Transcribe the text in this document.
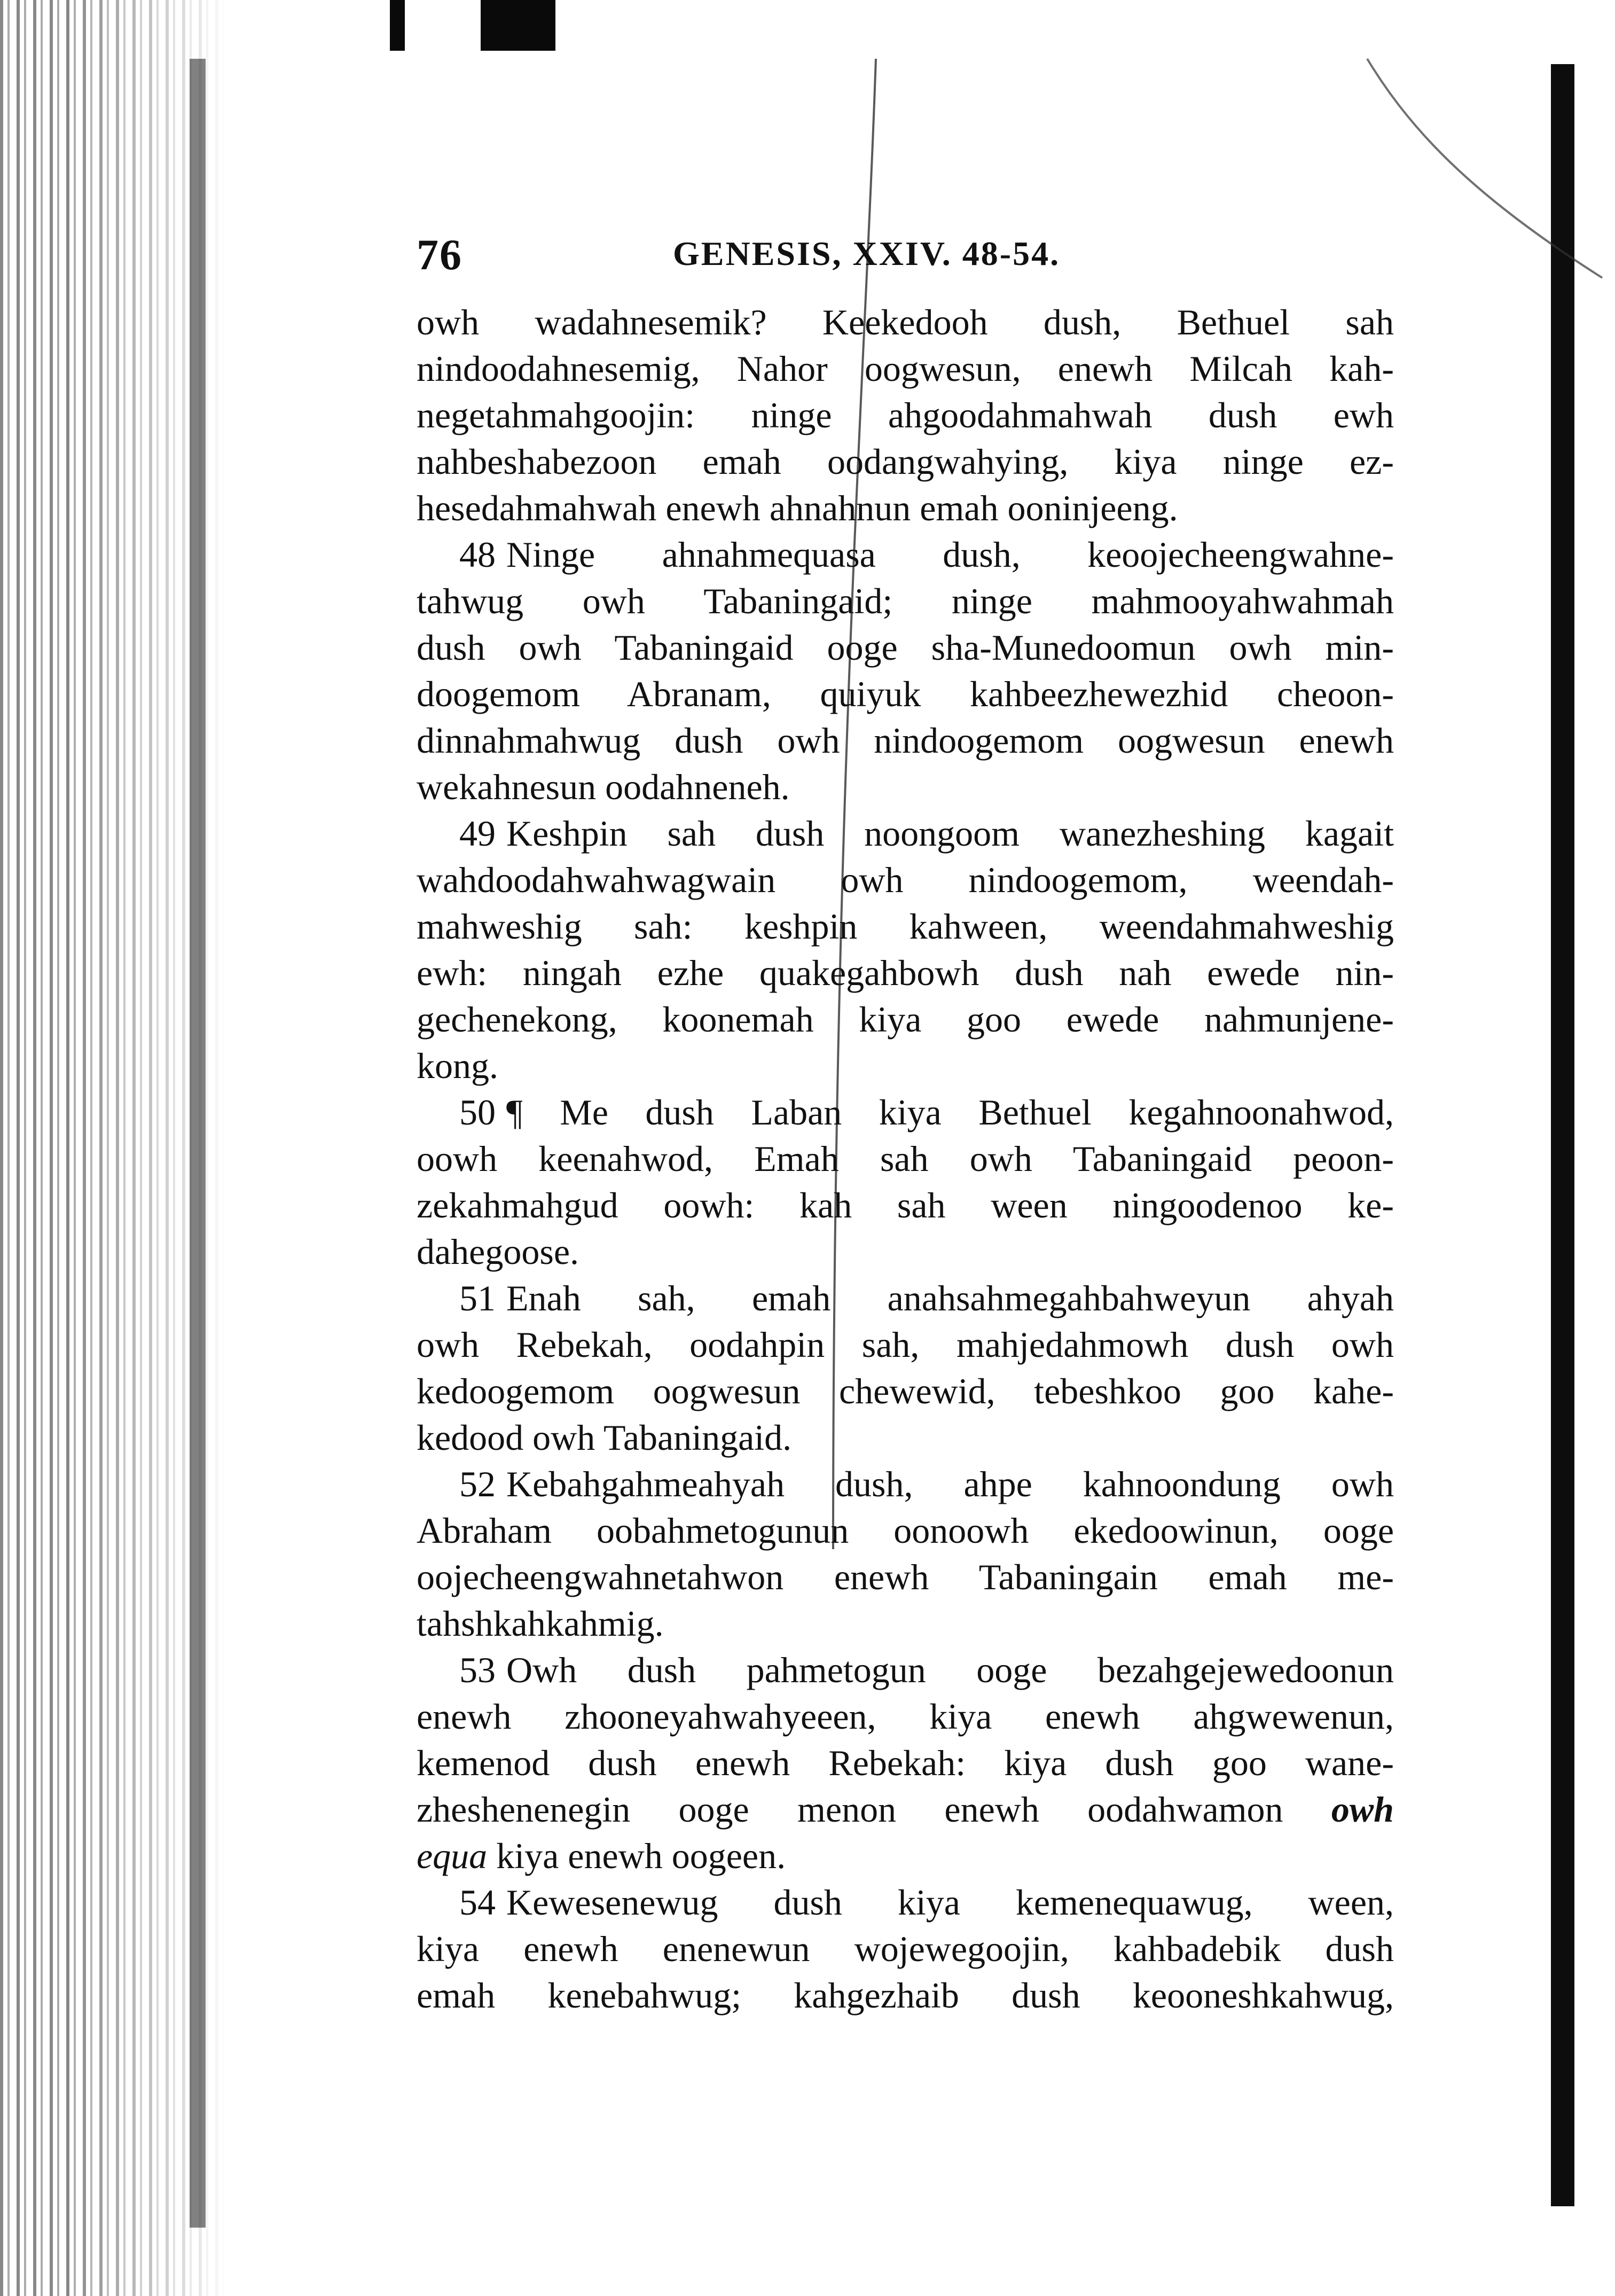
76	GENESIS, XXIV. 48-54.
owh wadahnesemik? Keekedooh dush, Bethuel sah
nindoodahnesemig, Nahor oogwesun, enewh Milcah kah-
negetahmahgoojin: ninge ahgoodahmahwah dush ewh
nahbeshabezoon emah oodangwahying, kiya ninge ez-
hesedahmahwah enewh ahnahnun emah ooninjeeng.
48 Ninge ahnahmequasa dush, keoojecheengwahne-
tahwug owh Tabaningaid; ninge mahmooyahwahmah
dush owh Tabaningaid ooge sha-Munedoomun owh min-
doogemom Abranam, quiyuk kahbeezhewezhid cheoon-
dinnahmahwug dush owh nindoogemom oogwesun enewh
wekahnesun oodahneneh.
49 Keshpin sah dush noongoom wanezheshing kagait
wahdoodahwahwagwain owh nindoogemom, weendah-
mahweshig sah: keshpin kahween, weendahmahweshig
ewh: ningah ezhe quakegahbowh dush nah ewede nin-
gechenekong, koonemah kiya goo ewede nahmunjene-
kong.
50 ¶ Me dush Laban kiya Bethuel kegahnoonahwod,
oowh keenahwod, Emah sah owh Tabaningaid peoon-
zekahmahgud oowh: kah sah ween ningoodenoo ke-
dahegoose.
51 Enah sah, emah anahsahmegahbahweyun ahyah
owh Rebekah, oodahpin sah, mahjedahmowh dush owh
kedoogemom oogwesun chewewid, tebeshkoo goo kahe-
kedood owh Tabaningaid.
52 Kebahgahmeahyah dush, ahpe kahnoondung owh
Abraham oobahmetogunun oonoowh ekedoowinun, ooge
oojecheengwahnetahwon enewh Tabaningain emah me-
tahshkahkahmig.
53 Owh dush pahmetogun ooge bezahgejewedoonun
enewh zhooneyahwahyeeen, kiya enewh ahgwewenun,
kemenod dush enewh Rebekah: kiya dush goo wane-
zheshenenegin ooge menon enewh oodahwamon owh
equa kiya enewh oogeen.
54 Kewesenewug dush kiya kemenequawug, ween,
kiya enewh enenewun wojewegoojin, kahbadebik dush
emah kenebahwug; kahgezhaib dush keooneshkahwug,
